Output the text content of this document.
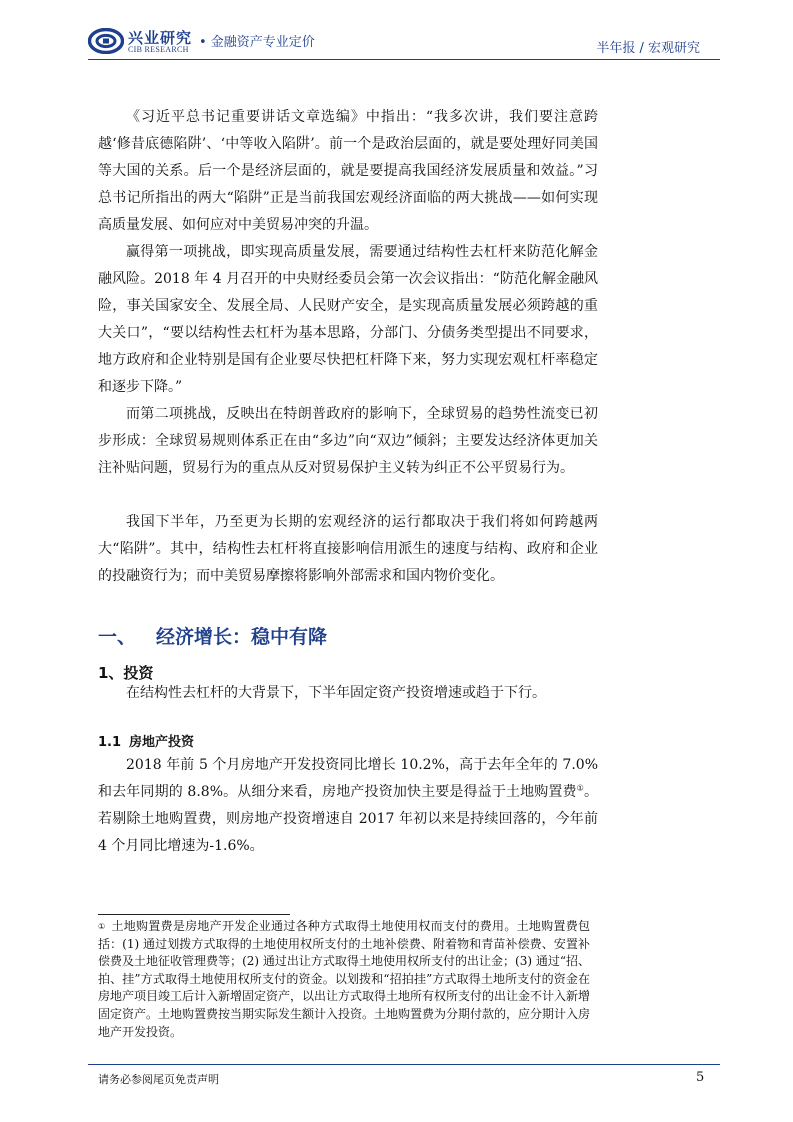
兴业研究
CIB RESEARCH • 金融资产专业定价	半年报 / 宏观研究

《习近平总书记重要讲话文章选编》中指出：“我多次讲，我们要注意跨越‘修昔底德陷阱’、‘中等收入陷阱’。前一个是政治层面的，就是要处理好同美国等大国的关系。后一个是经济层面的，就是要提高我国经济发展质量和效益。”习总书记所指出的两大“陷阱”正是当前我国宏观经济面临的两大挑战——如何实现高质量发展、如何应对中美贸易冲突的升温。

赢得第一项挑战，即实现高质量发展，需要通过结构性去杠杆来防范化解金融风险。2018 年 4 月召开的中央财经委员会第一次会议指出：“防范化解金融风险，事关国家安全、发展全局、人民财产安全，是实现高质量发展必须跨越的重大关口”，“要以结构性去杠杆为基本思路，分部门、分债务类型提出不同要求，地方政府和企业特别是国有企业要尽快把杠杆降下来，努力实现宏观杠杆率稳定和逐步下降。”

而第二项挑战，反映出在特朗普政府的影响下，全球贸易的趋势性流变已初步形成：全球贸易规则体系正在由“多边”向“双边”倾斜；主要发达经济体更加关注补贴问题，贸易行为的重点从反对贸易保护主义转为纠正不公平贸易行为。

我国下半年，乃至更为长期的宏观经济的运行都取决于我们将如何跨越两大“陷阱”。其中，结构性去杠杆将直接影响信用派生的速度与结构、政府和企业的投融资行为；而中美贸易摩擦将影响外部需求和国内物价变化。

一、 经济增长：稳中有降
1、投资

在结构性去杠杆的大背景下，下半年固定资产投资增速或趋于下行。

1.1 房地产投资

2018 年前 5 个月房地产开发投资同比增长 10.2%，高于去年全年的 7.0%和去年同期的 8.8%。从细分来看，房地产投资加快主要是得益于土地购置费①。若剔除土地购置费，则房地产投资增速自 2017 年初以来是持续回落的，今年前 4 个月同比增速为-1.6%。

① 土地购置费是房地产开发企业通过各种方式取得土地使用权而支付的费用。土地购置费包括：(1) 通过划拨方式取得的土地使用权所支付的土地补偿费、附着物和青苗补偿费、安置补偿费及土地征收管理费等；(2) 通过出让方式取得土地使用权所支付的出让金；(3) 通过“招、拍、挂”方式取得土地使用权所支付的资金。以划拨和“招拍挂”方式取得土地所支付的资金在房地产项目竣工后计入新增固定资产，以出让方式取得土地所有权所支付的出让金不计入新增固定资产。土地购置费按当期实际发生额计入投资。土地购置费为分期付款的，应分期计入房地产开发投资。

请务必参阅尾页免责声明	5
